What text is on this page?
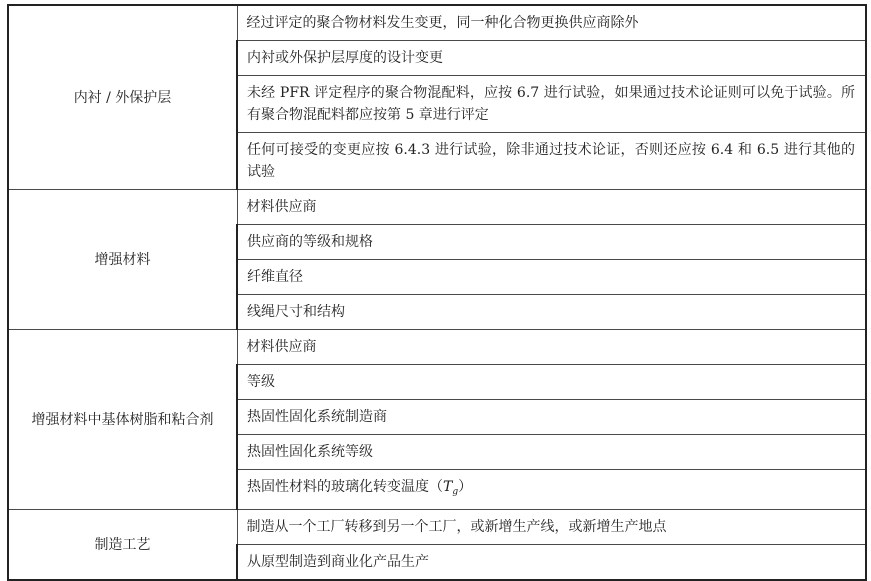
内衬 / 外保护层	经过评定的聚合物材料发生变更，同一种化合物更换供应商除外
	内衬或外保护层厚度的设计变更
	未经 PFR 评定程序的聚合物混配料，应按 6.7 进行试验，如果通过技术论证则可以免于试验。所有聚合物混配料都应按第 5 章进行评定
	任何可接受的变更应按 6.4.3 进行试验，除非通过技术论证，否则还应按 6.4 和 6.5 进行其他的试验
增强材料	材料供应商
	供应商的等级和规格
	纤维直径
	线绳尺寸和结构
增强材料中基体树脂和粘合剂	材料供应商
	等级
	热固性固化系统制造商
	热固性固化系统等级
	热固性材料的玻璃化转变温度$(T_g)$
制造工艺	制造从一个工厂转移到另一个工厂，或新增生产线，或新增生产地点
	从原型制造到商业化产品生产
